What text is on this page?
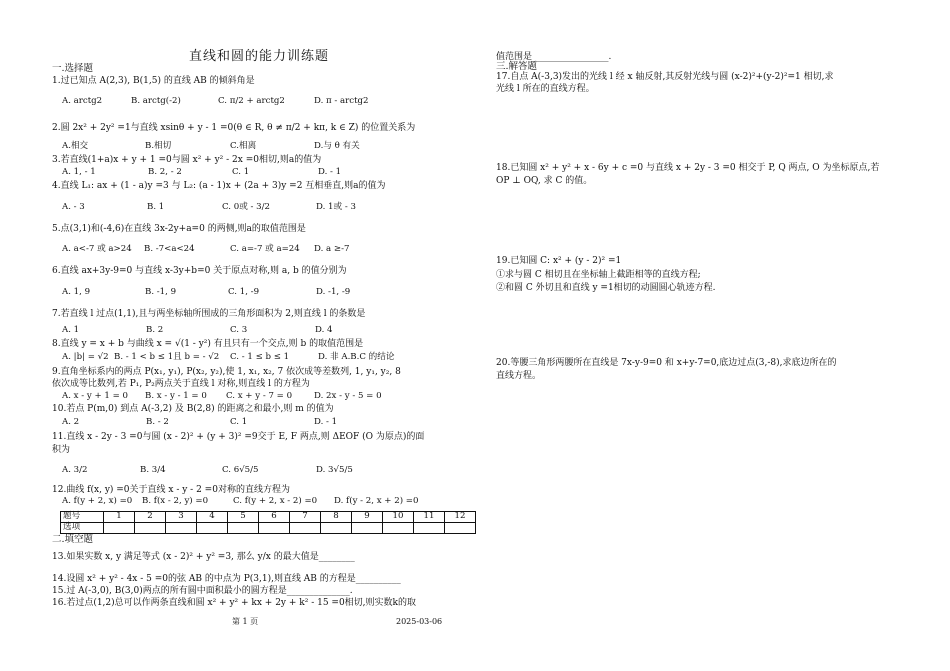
直线和圆的能力训练题
一.选择题
1.过已知点 A(2,3), B(1,5) 的直线 AB 的倾斜角是
A. arctg2	B. arctg(-2)	C. π/2 + arctg2	D. π - arctg2
2.圆 2x² + 2y² =1与直线 xsinθ + y - 1 =0(θ ∈ R, θ ≠ π/2 + kπ, k ∈ Z) 的位置关系为
A.相交	B.相切	C.相离	D.与 θ 有关
3.若直线(1+a)x + y + 1 =0与圆 x² + y² - 2x =0相切,则a的值为
A. 1, - 1	B. 2, - 2	C. 1	D. - 1
4.直线 L₁: ax + (1 - a)y =3 与 L₂: (a - 1)x + (2a + 3)y =2 互相垂直,则a的值为
A. - 3	B. 1	C. 0或 - 3/2	D. 1或 - 3
5.点(3,1)和(-4,6)在直线 3x-2y+a=0 的两侧,则a的取值范围是
A. a<-7 或 a>24 B. -7<a<24	C. a=-7 或 a=24 D. a ≥-7
6.直线 ax+3y-9=0 与直线 x-3y+b=0 关于原点对称,则 a, b 的值分别为
A. 1, 9	B. -1, 9	C. 1, -9	D. -1, -9
7.若直线 l 过点(1,1),且与两坐标轴所围成的三角形面积为 2,则直线 l 的条数是
A. 1	B. 2	C. 3	D. 4
8.直线 y = x + b 与曲线 x = √(1 - y²) 有且只有一个交点,则 b 的取值范围是
A. |b| = √2 B. - 1 < b ≤ 1且 b = - √2 C. - 1 ≤ b ≤ 1	D. 非 A.B.C 的结论
9.直角坐标系内的两点 P(x₁, y₁), P(x₂, y₂),使 1, x₁, x₂, 7 依次成等差数列, 1, y₁, y₂, 8
依次成等比数列,若 P₁, P₂两点关于直线 l 对称,则直线 l 的方程为
A. x - y + 1 = 0 B. x - y - 1 = 0 C. x + y - 7 = 0	D. 2x - y - 5 = 0
10.若点 P(m,0) 到点 A(-3,2) 及 B(2,8) 的距离之和最小,则 m 的值为
A. 2	B. - 2	C. 1	D. - 1
11.直线 x - 2y - 3 =0与圆 (x - 2)² + (y + 3)² =9交于 E, F 两点,则 ΔEOF (O 为原点)的面
积为
A. 3/2	B. 3/4	C. 6√5/5	D. 3√5/5
12.曲线 f(x, y) =0关于直线 x - y - 2 =0对称的直线方程为
A. f(y + 2, x) =0 B. f(x - 2, y) =0	C. f(y + 2, x - 2) =0 D. f(y - 2, x + 2) =0
题号	1	2	3	4	5	6	7	8	9	10	11	12
选项												
二.填空题
13.如果实数 x, y 满足等式 (x - 2)² + y² =3, 那么 y/x 的最大值是________
14.设圆 x² + y² - 4x - 5 =0的弦 AB 的中点为 P(3,1),则直线 AB 的方程是__________
15.过 A(-3,0), B(3,0)两点的所有圆中面积最小的圆方程是______________.
16.若过点(1,2)总可以作两条直线和圆 x² + y² + kx + 2y + k² - 15 =0相切,则实数k的取
第 1 页	2025-03-06
值范围是_________________.
三.解答题
17.自点 A(-3,3)发出的光线 l 经 x 轴反射,其反射光线与圆 (x-2)²+(y-2)²=1 相切,求
光线 l 所在的直线方程。
18.已知圆 x² + y² + x - 6y + c =0 与直线 x + 2y - 3 =0 相交于 P, Q 两点, O 为坐标原点,若
OP ⊥ OQ, 求 C 的值。
19.已知圆 C: x² + (y - 2)² =1
①求与圆 C 相切且在坐标轴上截距相等的直线方程;
②和圆 C 外切且和直线 y =1相切的动圆圆心轨迹方程.
20.等腰三角形两腰所在直线是 7x-y-9=0 和 x+y-7=0,底边过点(3,-8),求底边所在的
直线方程。
